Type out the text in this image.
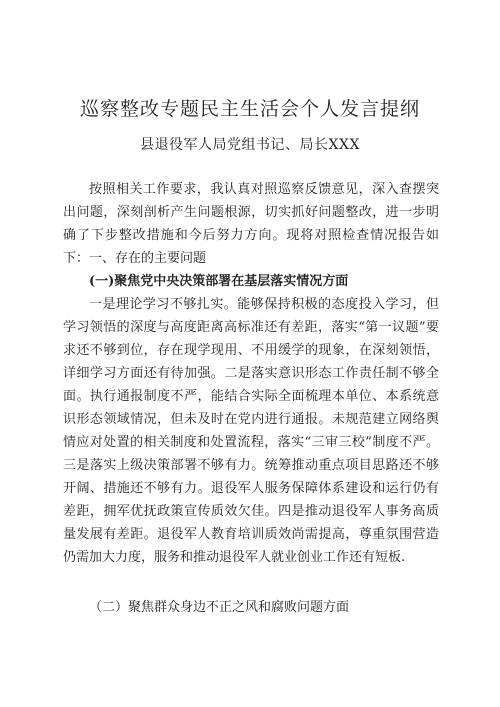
巡察整改专题民主生活会个人发言提纲
县退役军人局党组书记、局长XXX
按照相关工作要求，我认真对照巡察反馈意见，深入查摆突出问题，深刻剖析产生问题根源，切实抓好问题整改，进一步明确了下步整改措施和今后努力方向。现将对照检查情况报告如下： 一、存在的主要问题
(一)聚焦党中央决策部署在基层落实情况方面
一是理论学习不够扎实。能够保持积极的态度投入学习，但学习领悟的深度与高度距离高标准还有差距，落实“第一议题”要求还不够到位，存在现学现用、不用缓学的现象，在深刻领悟，详细学习方面还有待加强。二是落实意识形态工作责任制不够全面。执行通报制度不严，能结合实际全面梳理本单位、本系统意识形态领域情况，但未及时在党内进行通报。未规范建立网络舆情应对处置的相关制度和处置流程，落实“三审三校”制度不严。三是落实上级决策部署不够有力。统筹推动重点项目思路还不够开阔、措施还不够有力。退役军人服务保障体系建设和运行仍有差距，拥军优抚政策宣传质效欠佳。四是推动退役军人事务高质量发展有差距。退役军人教育培训质效尚需提高，尊重氛围营造仍需加大力度，服务和推动退役军人就业创业工作还有短板.
（二）聚焦群众身边不正之风和腐败问题方面
